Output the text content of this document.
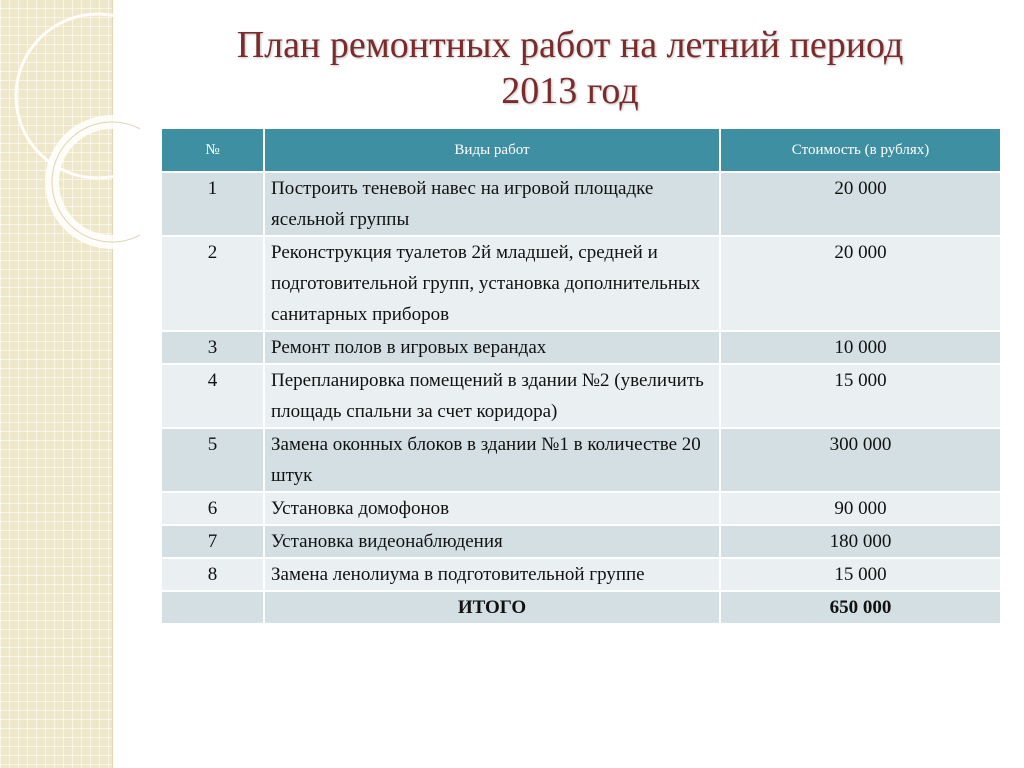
План ремонтных работ на летний период
2013 год
№	Виды работ	Стоимость (в рублях)
1	Построить теневой навес на игровой площадке ясельной группы	20 000
2	Реконструкция туалетов 2й младшей, средней и подготовительной групп, установка дополнительных санитарных приборов	20 000
3	Ремонт полов в игровых верандах	10 000
4	Перепланировка помещений в здании №2 (увеличить площадь спальни за счет коридора)	15 000
5	Замена оконных блоков в здании №1 в количестве 20 штук	300 000
6	Установка домофонов	90 000
7	Установка видеонаблюдения	180 000
8	Замена ленолиума в подготовительной группе	15 000
	ИТОГО	650 000
